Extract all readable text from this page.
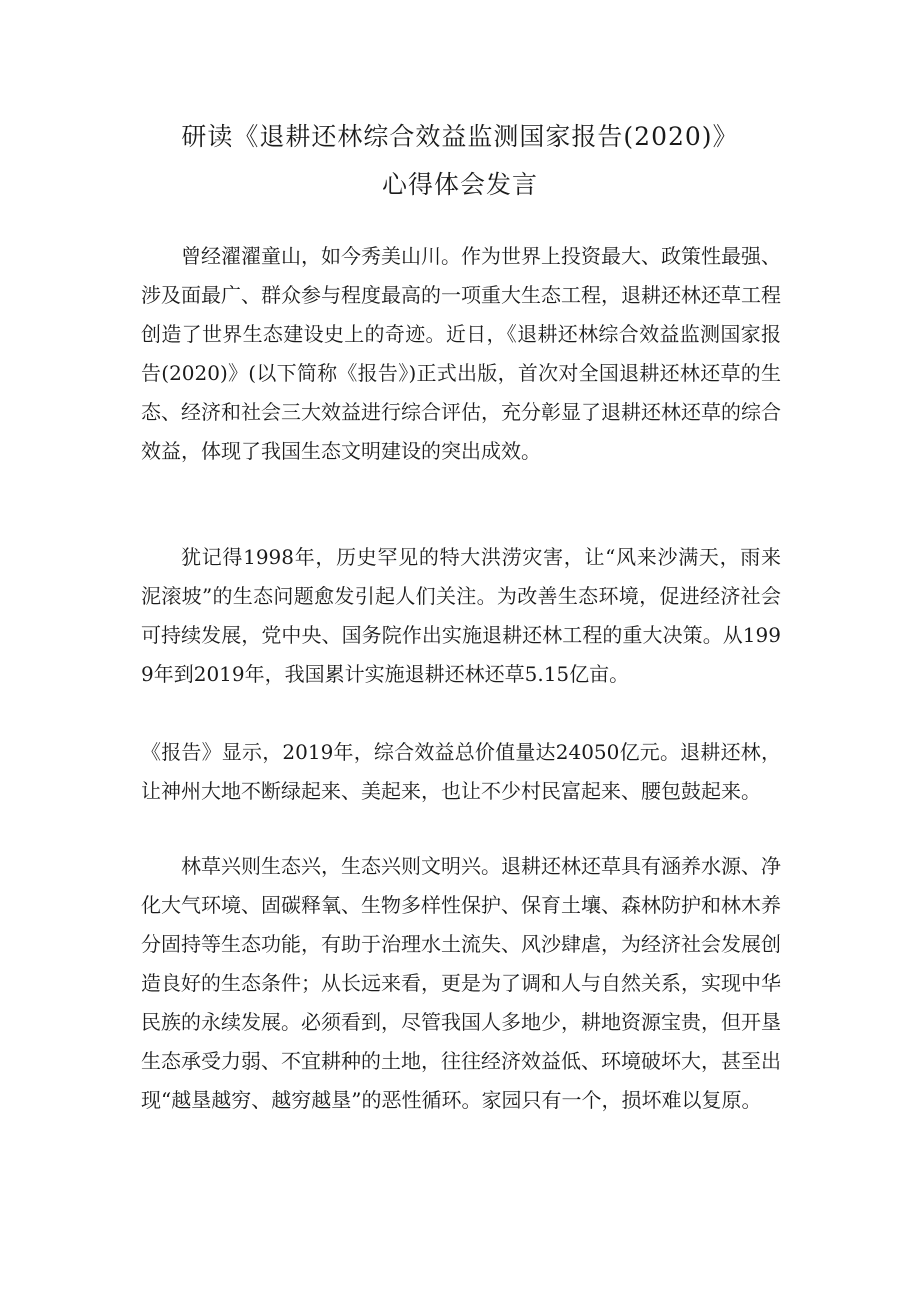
研读《退耕还林综合效益监测国家报告(2020)》
心得体会发言

曾经濯濯童山，如今秀美山川。作为世界上投资最大、政策性最强、涉及面最广、群众参与程度最高的一项重大生态工程，退耕还林还草工程创造了世界生态建设史上的奇迹。近日，《退耕还林综合效益监测国家报告(2020)》(以下简称《报告》)正式出版，首次对全国退耕还林还草的生态、经济和社会三大效益进行综合评估，充分彰显了退耕还林还草的综合效益，体现了我国生态文明建设的突出成效。

犹记得1998年，历史罕见的特大洪涝灾害，让“风来沙满天，雨来泥滚坡”的生态问题愈发引起人们关注。为改善生态环境，促进经济社会可持续发展，党中央、国务院作出实施退耕还林工程的重大决策。从1999年到2019年，我国累计实施退耕还林还草5.15亿亩。

《报告》显示，2019年，综合效益总价值量达24050亿元。退耕还林，让神州大地不断绿起来、美起来，也让不少村民富起来、腰包鼓起来。

林草兴则生态兴，生态兴则文明兴。退耕还林还草具有涵养水源、净化大气环境、固碳释氧、生物多样性保护、保育土壤、森林防护和林木养分固持等生态功能，有助于治理水土流失、风沙肆虐，为经济社会发展创造良好的生态条件；从长远来看，更是为了调和人与自然关系，实现中华民族的永续发展。必须看到，尽管我国人多地少，耕地资源宝贵，但开垦生态承受力弱、不宜耕种的土地，往往经济效益低、环境破坏大，甚至出现“越垦越穷、越穷越垦”的恶性循环。家园只有一个，损坏难以复原。
